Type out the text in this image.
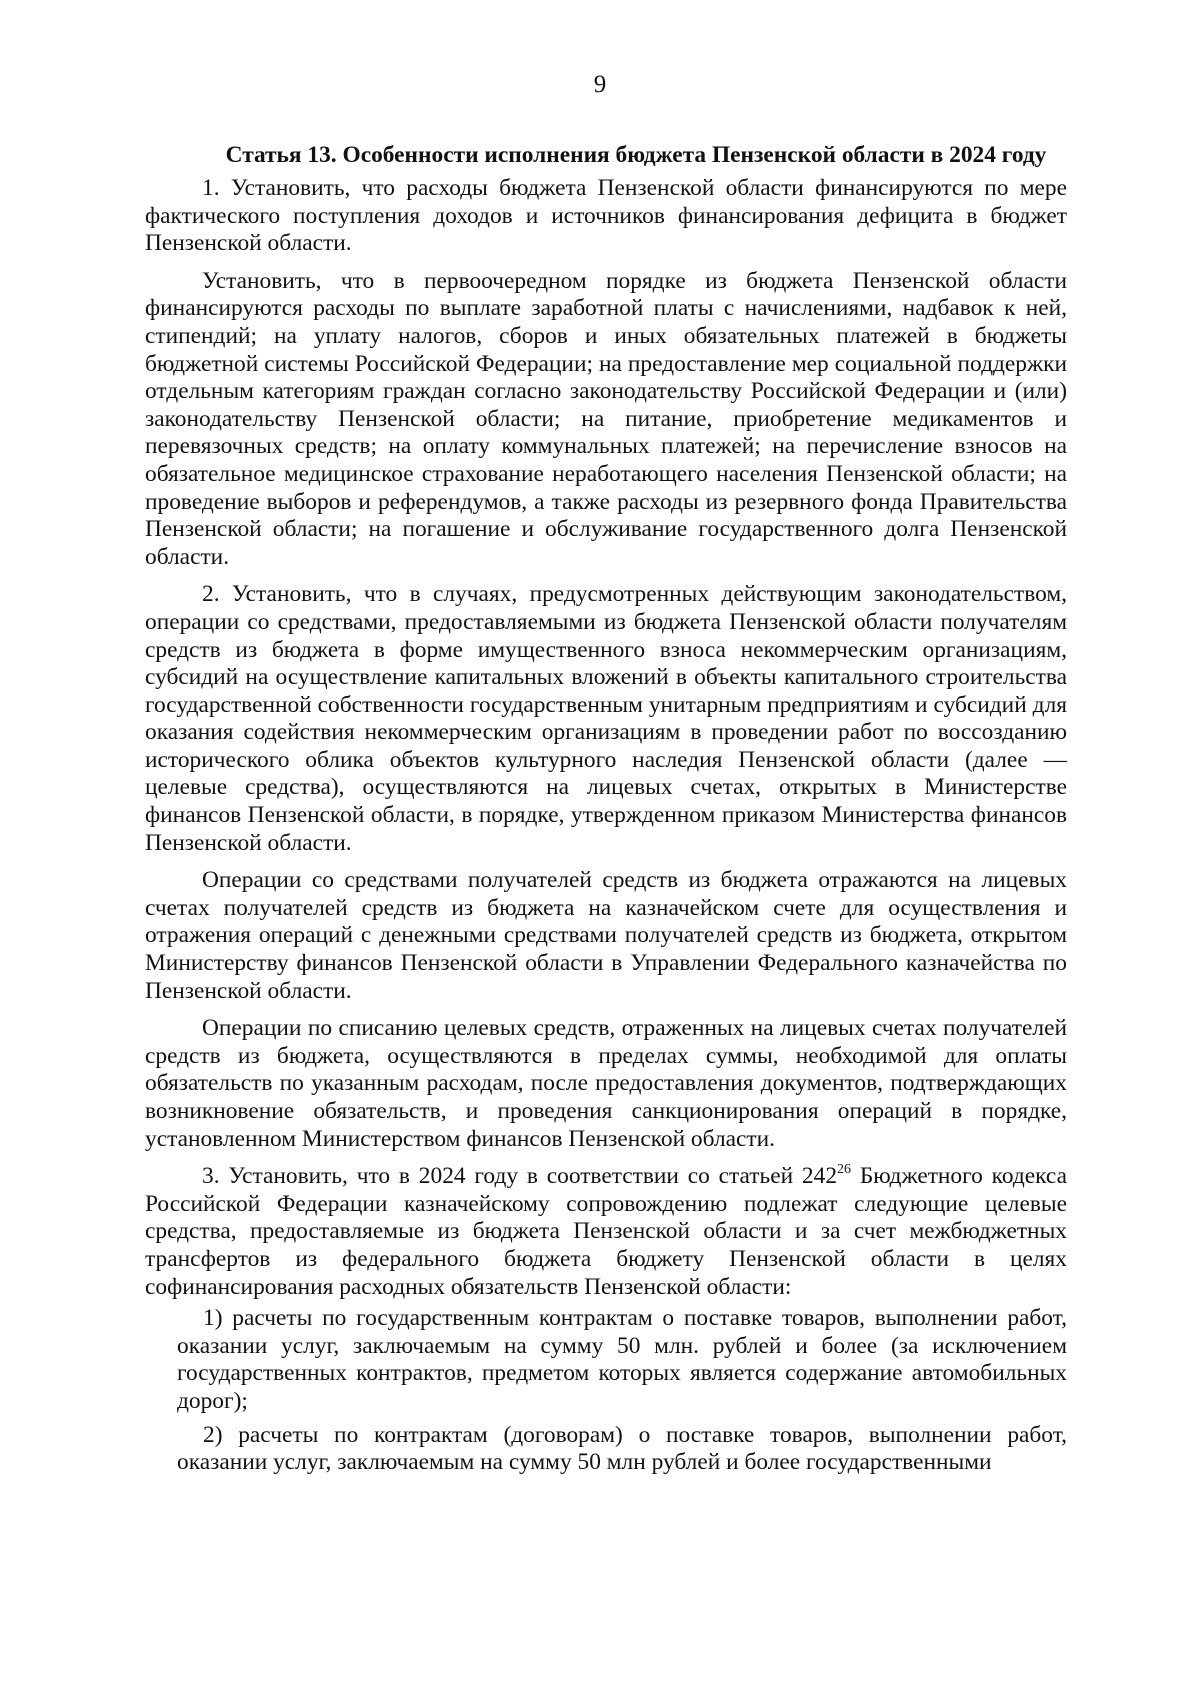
9

Статья 13. Особенности исполнения бюджета Пензенской области в 2024 году

1. Установить, что расходы бюджета Пензенской области финансируются по мере фактического поступления доходов и источников финансирования дефицита в бюджет Пензенской области.

Установить, что в первоочередном порядке из бюджета Пензенской области финансируются расходы по выплате заработной платы с начислениями, надбавок к ней, стипендий; на уплату налогов, сборов и иных обязательных платежей в бюджеты бюджетной системы Российской Федерации; на предоставление мер социальной поддержки отдельным категориям граждан согласно законодательству Российской Федерации и (или) законодательству Пензенской области; на питание, приобретение медикаментов и перевязочных средств; на оплату коммунальных платежей; на перечисление взносов на обязательное медицинское страхование неработающего населения Пензенской области; на проведение выборов и референдумов, а также расходы из резервного фонда Правительства Пензенской области; на погашение и обслуживание государственного долга Пензенской области.

2. Установить, что в случаях, предусмотренных действующим законодательством, операции со средствами, предоставляемыми из бюджета Пензенской области получателям средств из бюджета в форме имущественного взноса некоммерческим организациям, субсидий на осуществление капитальных вложений в объекты капитального строительства государственной собственности государственным унитарным предприятиям и субсидий для оказания содействия некоммерческим организациям в проведении работ по воссозданию исторического облика объектов культурного наследия Пензенской области (далее — целевые средства), осуществляются на лицевых счетах, открытых в Министерстве финансов Пензенской области, в порядке, утвержденном приказом Министерства финансов Пензенской области.

Операции со средствами получателей средств из бюджета отражаются на лицевых счетах получателей средств из бюджета на казначейском счете для осуществления и отражения операций с денежными средствами получателей средств из бюджета, открытом Министерству финансов Пензенской области в Управлении Федерального казначейства по Пензенской области.

Операции по списанию целевых средств, отраженных на лицевых счетах получателей средств из бюджета, осуществляются в пределах суммы, необходимой для оплаты обязательств по указанным расходам, после предоставления документов, подтверждающих возникновение обязательств, и проведения санкционирования операций в порядке, установленном Министерством финансов Пензенской области.

3. Установить, что в 2024 году в соответствии со статьей $242^{26}$ Бюджетного кодекса Российской Федерации казначейскому сопровождению подлежат следующие целевые средства, предоставляемые из бюджета Пензенской области и за счет межбюджетных трансфертов из федерального бюджета бюджету Пензенской области в целях софинансирования расходных обязательств Пензенской области:

1) расчеты по государственным контрактам о поставке товаров, выполнении работ, оказании услуг, заключаемым на сумму 50 млн. рублей и более (за исключением государственных контрактов, предметом которых является содержание автомобильных дорог);

2) расчеты по контрактам (договорам) о поставке товаров, выполнении работ, оказании услуг, заключаемым на сумму 50 млн рублей и более государственными
